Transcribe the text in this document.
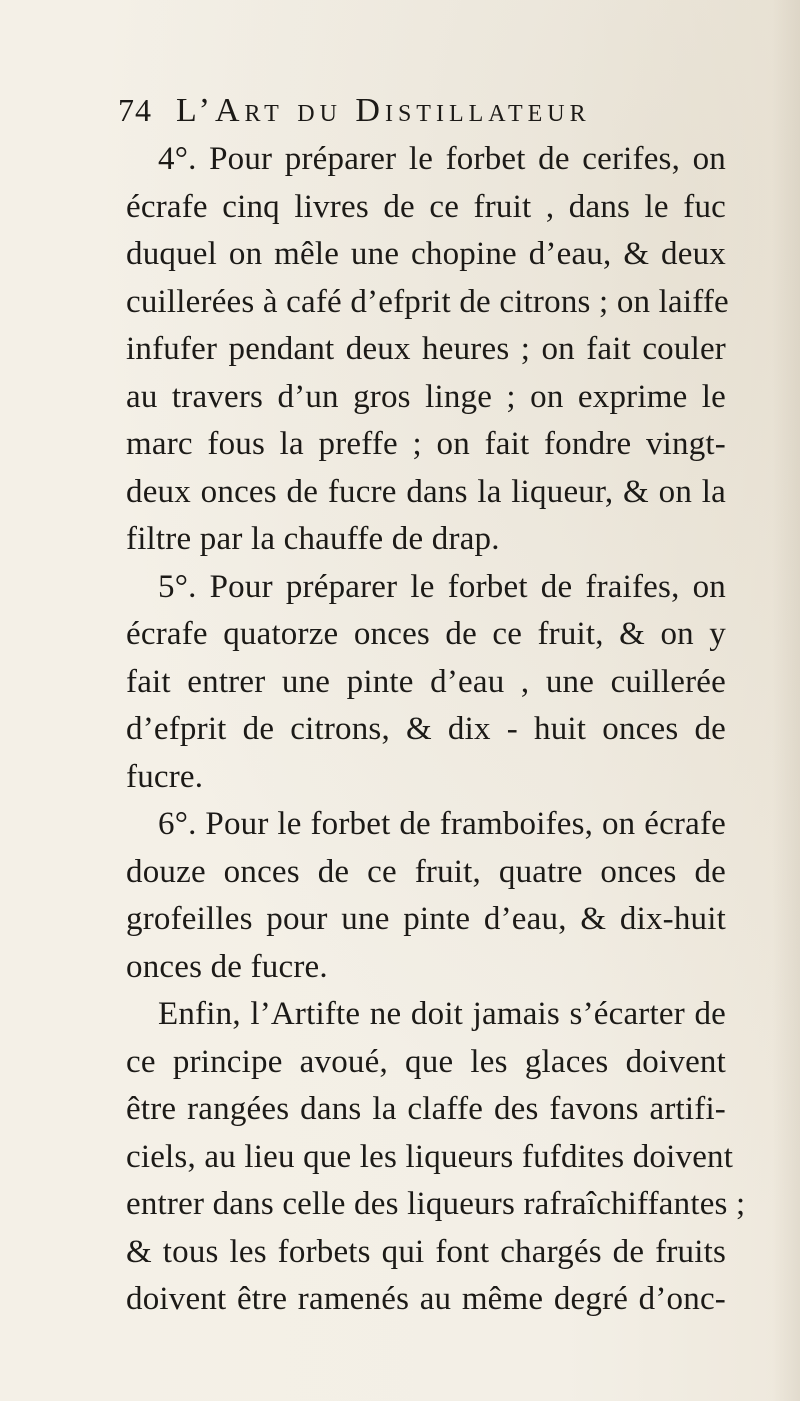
74 L’Art du Distillateur
4°. Pour préparer le forbet de cerifes, on
écrafe cinq livres de ce fruit , dans le fuc
duquel on mêle une chopine d’eau, & deux
cuillerées à café d’efprit de citrons ; on laiffe
infufer pendant deux heures ; on fait couler
au travers d’un gros linge ; on exprime le
marc fous la preffe ; on fait fondre vingt-
deux onces de fucre dans la liqueur, & on la
filtre par la chauffe de drap.
5°. Pour préparer le forbet de fraifes, on
écrafe quatorze onces de ce fruit, & on y
fait entrer une pinte d’eau , une cuillerée
d’efprit de citrons, & dix - huit onces de
fucre.
6°. Pour le forbet de framboifes, on écrafe
douze onces de ce fruit, quatre onces de
grofeilles pour une pinte d’eau, & dix-huit
onces de fucre.
Enfin, l’Artifte ne doit jamais s’écarter de
ce principe avoué, que les glaces doivent
être rangées dans la claffe des favons artifi-
ciels, au lieu que les liqueurs fufdites doivent
entrer dans celle des liqueurs rafraîchiffantes ;
& tous les forbets qui font chargés de fruits
doivent être ramenés au même degré d’onc-
